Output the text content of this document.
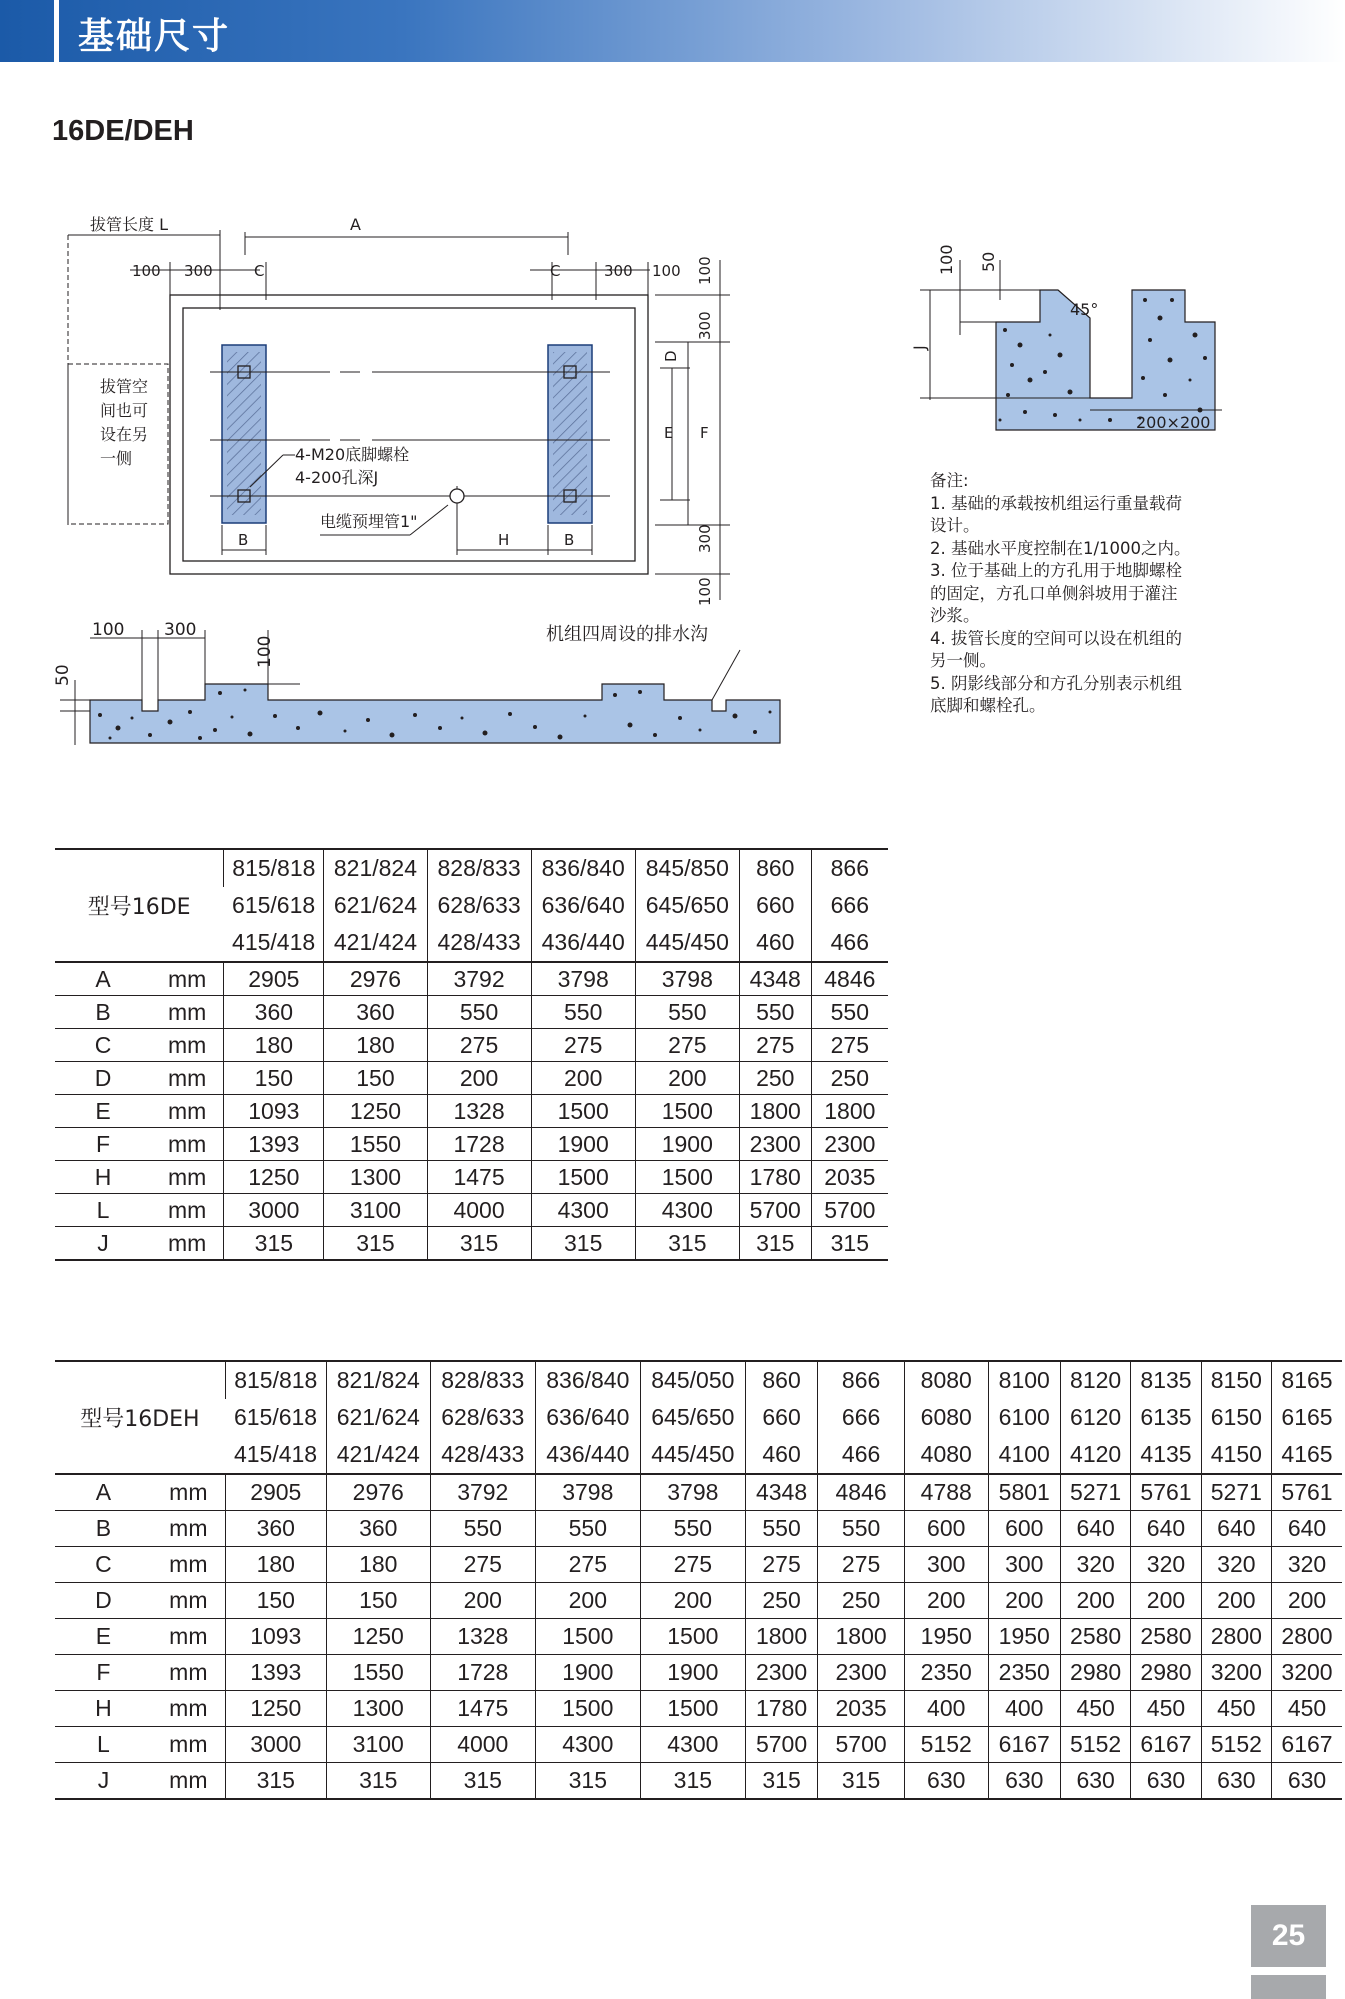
基础尺寸
16DE/DEH
拔管长度 L	A
100 300	C	C	300 100 100
300
D
E F
300
100
B	B
H
拔管空
间也可
设在另
一侧	4-M20底脚螺栓
4-200孔深J
电缆预埋管1"
100 300
100
50
机组四周设的排水沟
100 50
J
45°
200×200
备注:
1. 基础的承载按机组运行重量载荷
设计。
2. 基础水平度控制在1/1000之内。
3. 位于基础上的方孔用于地脚螺栓
的固定，方孔口单侧斜坡用于灌注
沙浆。
4. 拔管长度的空间可以设在机组的
另一侧。
5. 阴影线部分和方孔分别表示机组
底脚和螺栓孔。
型号16DE		815/818	821/824	828/833	836/840	845/850	860	866
		615/618	621/624	628/633	636/640	645/650	660	666
		415/418	421/424	428/433	436/440	445/450	460	466
A	mm	2905	2976	3792	3798	3798	4348	4846
B	mm	360	360	550	550	550	550	550
C	mm	180	180	275	275	275	275	275
D	mm	150	150	200	200	200	250	250
E	mm	1093	1250	1328	1500	1500	1800	1800
F	mm	1393	1550	1728	1900	1900	2300	2300
H	mm	1250	1300	1475	1500	1500	1780	2035
L	mm	3000	3100	4000	4300	4300	5700	5700
J	mm	315	315	315	315	315	315	315
型号16DEH		815/818	821/824	828/833	836/840	845/050	860	866	8080	8100	8120	8135	8150	8165
		615/618	621/624	628/633	636/640	645/650	660	666	6080	6100	6120	6135	6150	6165
		415/418	421/424	428/433	436/440	445/450	460	466	4080	4100	4120	4135	4150	4165
A	mm	2905	2976	3792	3798	3798	4348	4846	4788	5801	5271	5761	5271	5761
B	mm	360	360	550	550	550	550	550	600	600	640	640	640	640
C	mm	180	180	275	275	275	275	275	300	300	320	320	320	320
D	mm	150	150	200	200	200	250	250	200	200	200	200	200	200
E	mm	1093	1250	1328	1500	1500	1800	1800	1950	1950	2580	2580	2800	2800
F	mm	1393	1550	1728	1900	1900	2300	2300	2350	2350	2980	2980	3200	3200
H	mm	1250	1300	1475	1500	1500	1780	2035	400	400	450	450	450	450
L	mm	3000	3100	4000	4300	4300	5700	5700	5152	6167	5152	6167	5152	6167
J	mm	315	315	315	315	315	315	315	630	630	630	630	630	630
25
